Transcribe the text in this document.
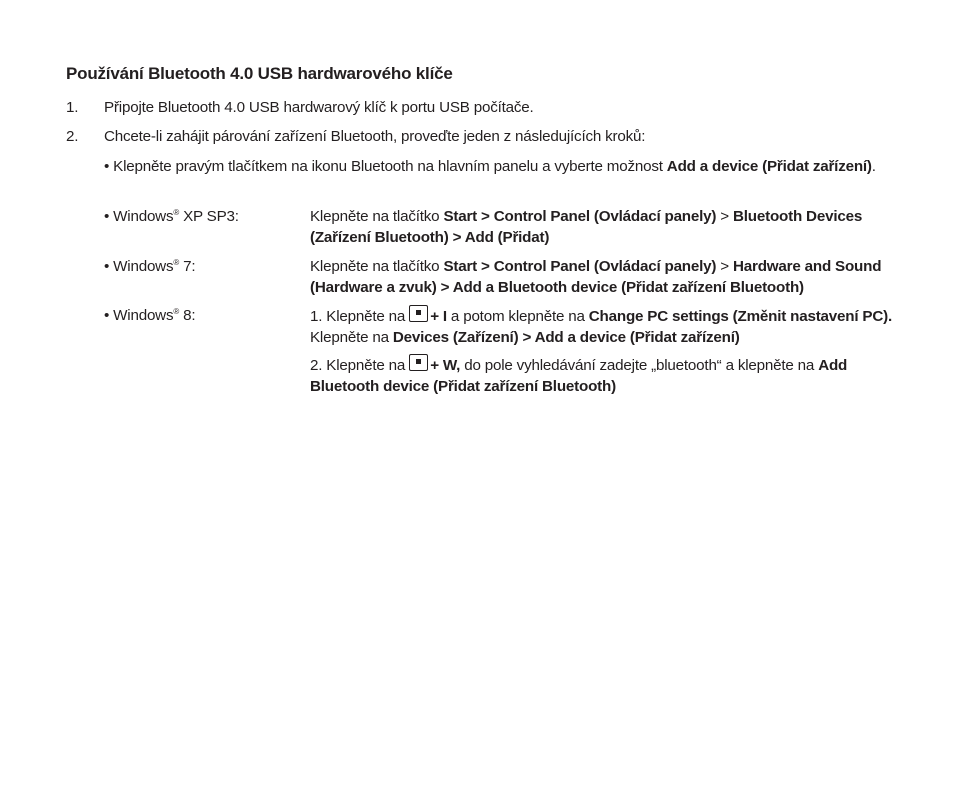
Používání Bluetooth 4.0 USB hardwarového klíče
1. Připojte Bluetooth 4.0 USB hardwarový klíč k portu USB počítače.
2. Chcete-li zahájit párování zařízení Bluetooth, proveďte jeden z následujících kroků:
• Klepněte pravým tlačítkem na ikonu Bluetooth na hlavním panelu a vyberte možnost Add a device (Přidat zařízení).
• Windows® XP SP3:	Klepněte na tlačítko Start > Control Panel (Ovládací panely) > Bluetooth Devices (Zařízení Bluetooth) > Add (Přidat)
• Windows® 7:	Klepněte na tlačítko Start > Control Panel (Ovládací panely) > Hardware and Sound (Hardware a zvuk) > Add a Bluetooth device (Přidat zařízení Bluetooth)
• Windows® 8:	1. Klepněte na + I a potom klepněte na Change PC settings (Změnit nastavení PC). Klepněte na Devices (Zařízení) > Add a device (Přidat zařízení)
2. Klepněte na + W, do pole vyhledávání zadejte „bluetooth“ a klepněte na Add Bluetooth device (Přidat zařízení Bluetooth)
